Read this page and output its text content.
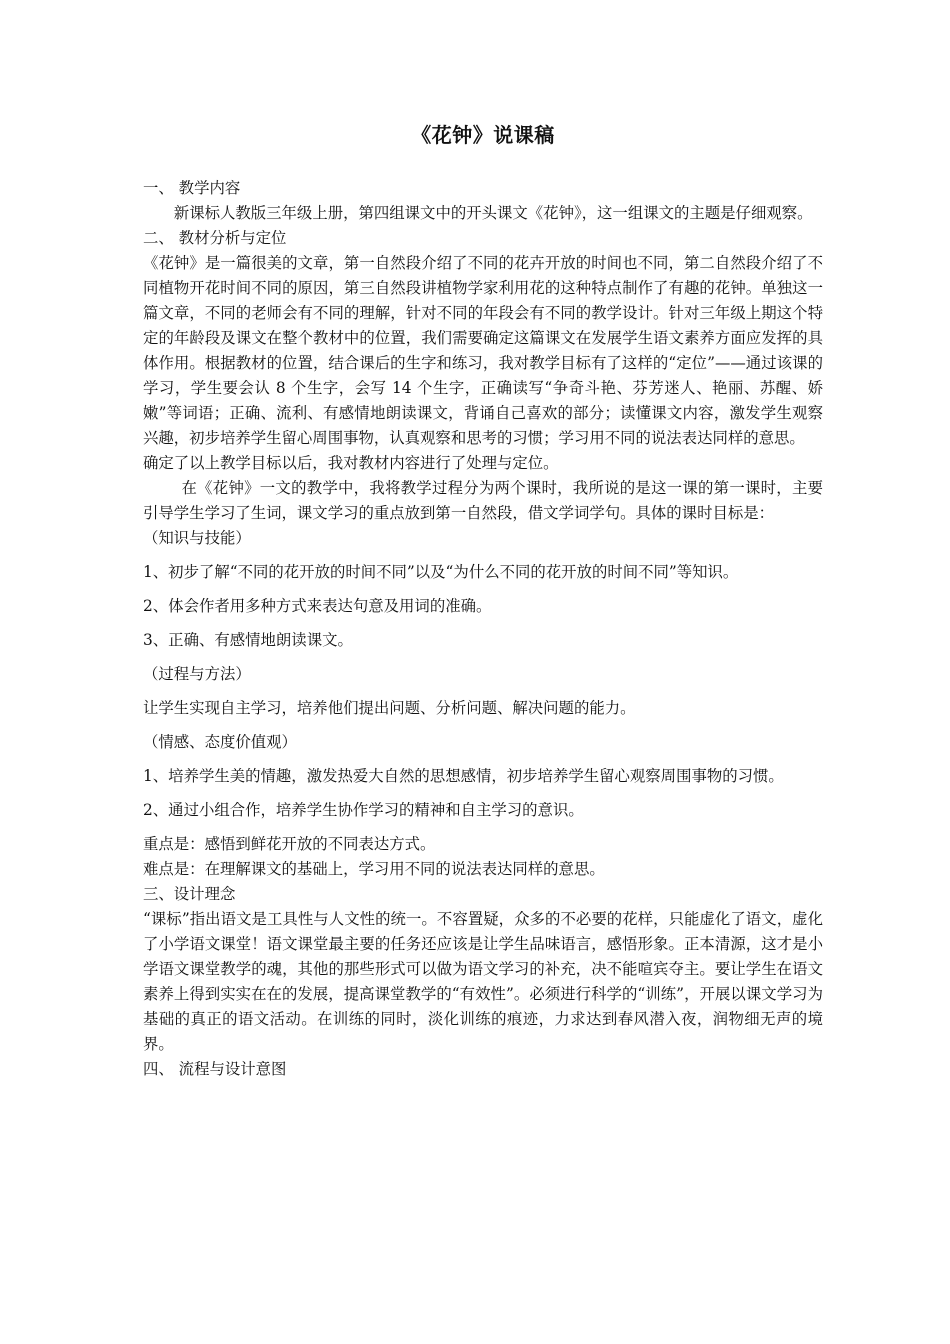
《花钟》说课稿

一、 教学内容

新课标人教版三年级上册，第四组课文中的开头课文《花钟》，这一组课文的主题是仔细观察。

二、 教材分析与定位

《花钟》是一篇很美的文章，第一自然段介绍了不同的花卉开放的时间也不同，第二自然段介绍了不同植物开花时间不同的原因，第三自然段讲植物学家利用花的这种特点制作了有趣的花钟。单独这一篇文章，不同的老师会有不同的理解，针对不同的年段会有不同的教学设计。针对三年级上期这个特定的年龄段及课文在整个教材中的位置，我们需要确定这篇课文在发展学生语文素养方面应发挥的具体作用。根据教材的位置，结合课后的生字和练习，我对教学目标有了这样的“定位”——通过该课的学习，学生要会认 8 个生字，会写 14 个生字，正确读写“争奇斗艳、芬芳迷人、艳丽、苏醒、娇嫩”等词语；正确、流利、有感情地朗读课文，背诵自己喜欢的部分；读懂课文内容，激发学生观察兴趣，初步培养学生留心周围事物，认真观察和思考的习惯；学习用不同的说法表达同样的意思。

确定了以上教学目标以后，我对教材内容进行了处理与定位。

在《花钟》一文的教学中，我将教学过程分为两个课时，我所说的是这一课的第一课时，主要引导学生学习了生词，课文学习的重点放到第一自然段，借文学词学句。具体的课时目标是：

（知识与技能）

1、初步了解“不同的花开放的时间不同”以及“为什么不同的花开放的时间不同”等知识。

2、体会作者用多种方式来表达句意及用词的准确。

3、正确、有感情地朗读课文。

（过程与方法）

让学生实现自主学习，培养他们提出问题、分析问题、解决问题的能力。

（情感、态度价值观）

1、培养学生美的情趣，激发热爱大自然的思想感情，初步培养学生留心观察周围事物的习惯。

2、通过小组合作，培养学生协作学习的精神和自主学习的意识。

重点是：感悟到鲜花开放的不同表达方式。

难点是：在理解课文的基础上，学习用不同的说法表达同样的意思。

三、设计理念

“课标”指出语文是工具性与人文性的统一。不容置疑，众多的不必要的花样，只能虚化了语文，虚化了小学语文课堂！语文课堂最主要的任务还应该是让学生品味语言，感悟形象。正本清源，这才是小学语文课堂教学的魂，其他的那些形式可以做为语文学习的补充，决不能喧宾夺主。要让学生在语文素养上得到实实在在的发展，提高课堂教学的“有效性”。必须进行科学的“训练”，开展以课文学习为基础的真正的语文活动。在训练的同时，淡化训练的痕迹，力求达到春风潜入夜，润物细无声的境界。

四、 流程与设计意图
